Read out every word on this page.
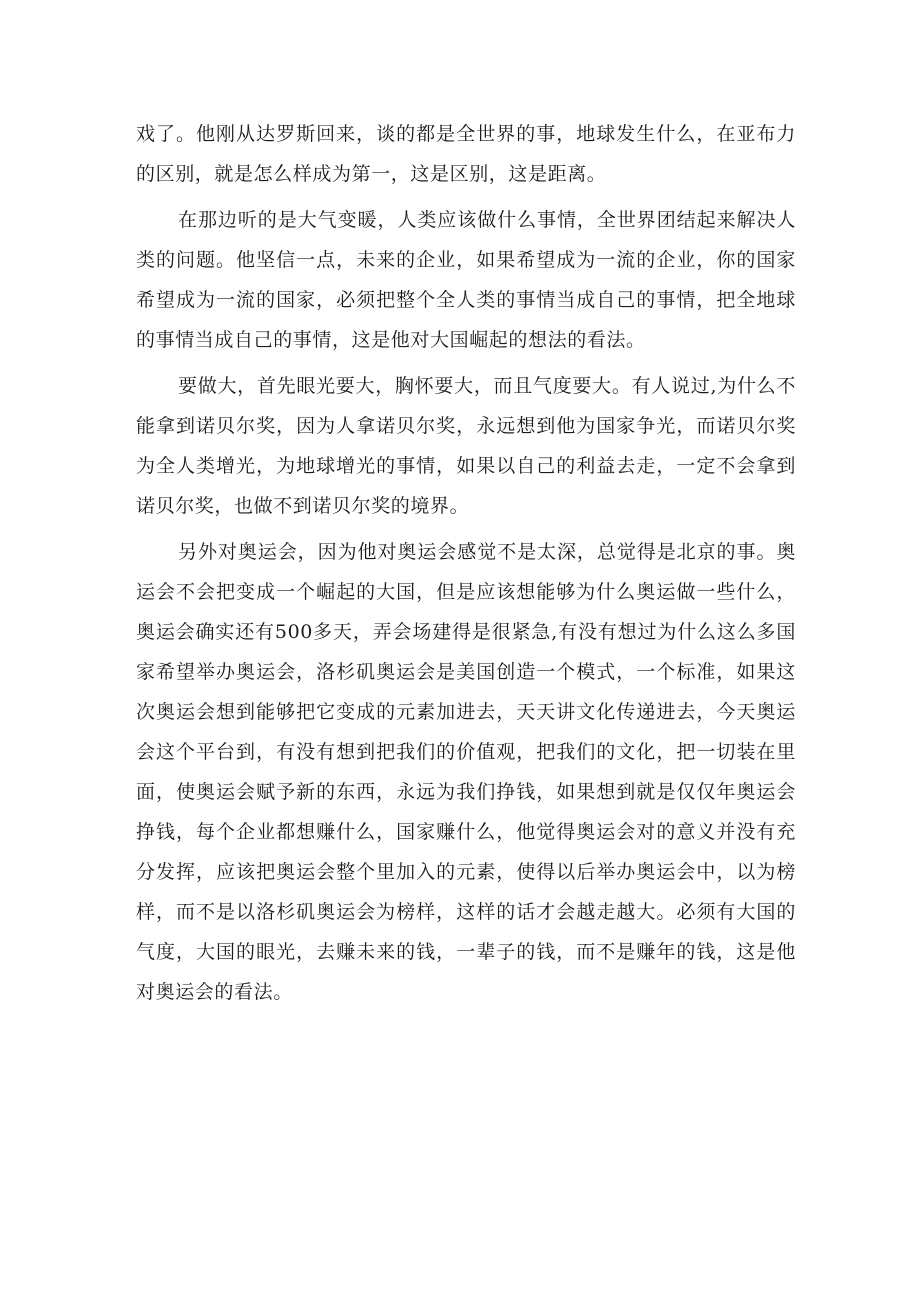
戏了。他刚从达罗斯回来，谈的都是全世界的事，地球发生什么，在亚布力的区别，就是怎么样成为第一，这是区别，这是距离。

在那边听的是大气变暖，人类应该做什么事情，全世界团结起来解决人类的问题。他坚信一点，未来的企业，如果希望成为一流的企业，你的国家希望成为一流的国家，必须把整个全人类的事情当成自己的事情，把全地球的事情当成自己的事情，这是他对大国崛起的想法的看法。

要做大，首先眼光要大，胸怀要大，而且气度要大。有人说过,为什么不能拿到诺贝尔奖，因为人拿诺贝尔奖，永远想到他为国家争光，而诺贝尔奖为全人类增光，为地球增光的事情，如果以自己的利益去走，一定不会拿到诺贝尔奖，也做不到诺贝尔奖的境界。

另外对奥运会，因为他对奥运会感觉不是太深，总觉得是北京的事。奥运会不会把变成一个崛起的大国，但是应该想能够为什么奥运做一些什么，奥运会确实还有500多天，弄会场建得是很紧急,有没有想过为什么这么多国家希望举办奥运会，洛杉矶奥运会是美国创造一个模式，一个标准，如果这次奥运会想到能够把它变成的元素加进去，天天讲文化传递进去，今天奥运会这个平台到，有没有想到把我们的价值观，把我们的文化，把一切装在里面，使奥运会赋予新的东西，永远为我们挣钱，如果想到就是仅仅年奥运会挣钱，每个企业都想赚什么，国家赚什么，他觉得奥运会对的意义并没有充分发挥，应该把奥运会整个里加入的元素，使得以后举办奥运会中，以为榜样，而不是以洛杉矶奥运会为榜样，这样的话才会越走越大。必须有大国的气度，大国的眼光，去赚未来的钱，一辈子的钱，而不是赚年的钱，这是他对奥运会的看法。
